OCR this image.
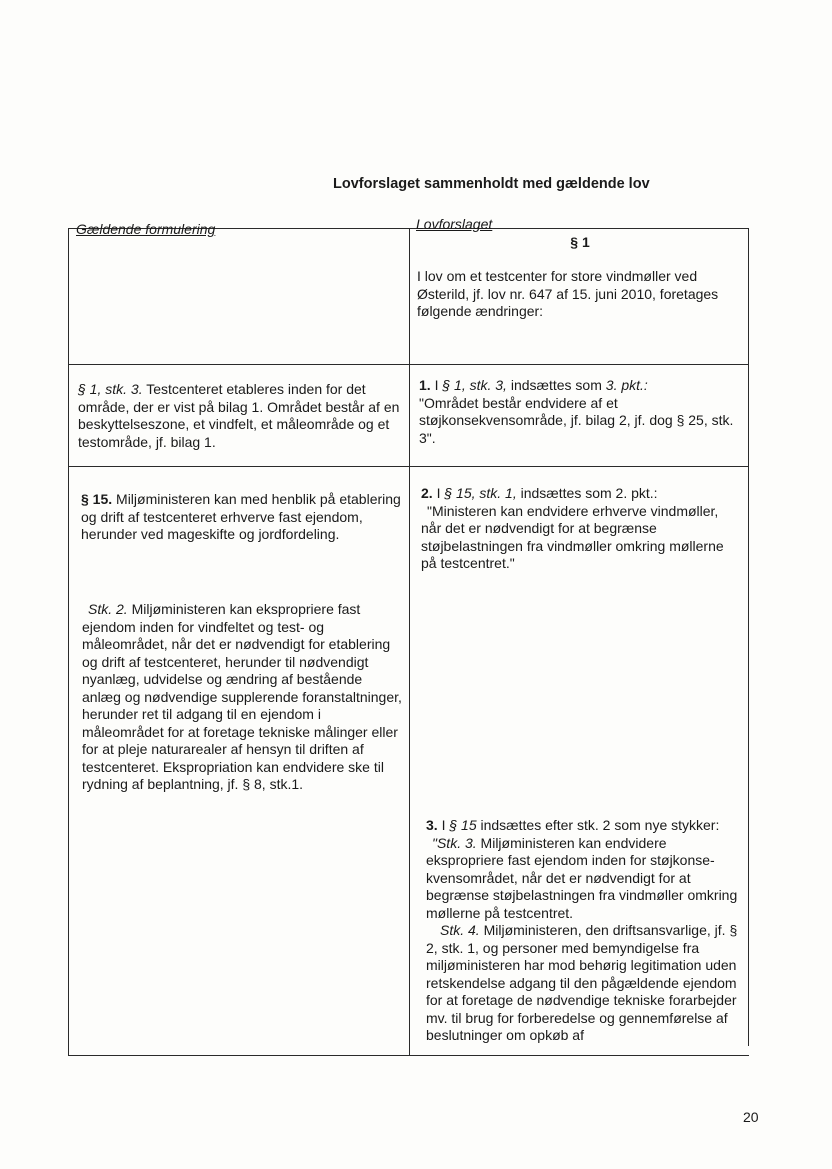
Lovforslaget sammenholdt med gældende lov
Gældende formulering	Lovforslaget
§ 1

I lov om et testcenter for store vindmøller ved Østerild, jf. lov nr. 647 af 15. juni 2010, foretages følgende ændringer:

§ 1, stk. 3. Testcenteret etableres inden for det område, der er vist på bilag 1. Området består af en beskyttelseszone, et vindfelt, et måleområde og et testområde, jf. bilag 1.

1. I § 1, stk. 3, indsættes som 3. pkt.:

"Området består endvidere af et støjkonsekvensområde, jf. bilag 2, jf. dog § 25, stk. 3".

§ 15. Miljøministeren kan med henblik på etablering og drift af testcenteret erhverve fast ejendom, herunder ved mageskifte og jordfordeling.

Stk. 2. Miljøministeren kan ekspropriere fast ejendom inden for vindfeltet og test- og måleområdet, når det er nødvendigt for etablering og drift af testcenteret, herunder til nødvendigt nyanlæg, udvidelse og ændring af bestående anlæg og nødvendige supplerende foranstaltninger, herunder ret til adgang til en ejendom i måleområdet for at foretage tekniske målinger eller for at pleje naturarealer af hensyn til driften af testcenteret. Ekspropriation kan endvidere ske til rydning af beplantning, jf. § 8, stk.1.

2. I § 15, stk. 1, indsættes som 2. pkt.:

"Ministeren kan endvidere erhverve vindmøller, når det er nødvendigt for at begrænse støjbelastningen fra vindmøller omkring møllerne på testcentret."

3. I § 15 indsættes efter stk. 2 som nye stykker:

"Stk. 3. Miljøministeren kan endvidere ekspropriere fast ejendom inden for støjkonse-kvensområdet, når det er nødvendigt for at begrænse støjbelastningen fra vindmøller omkring møllerne på testcentret.

Stk. 4. Miljøministeren, den driftsansvarlige, jf. § 2, stk. 1, og personer med bemyndigelse fra miljøministeren har mod behørig legitimation uden retskendelse adgang til den pågældende ejendom for at foretage de nødvendige tekniske forarbejder mv. til brug for forberedelse og gennemførelse af beslutninger om opkøb af

20
